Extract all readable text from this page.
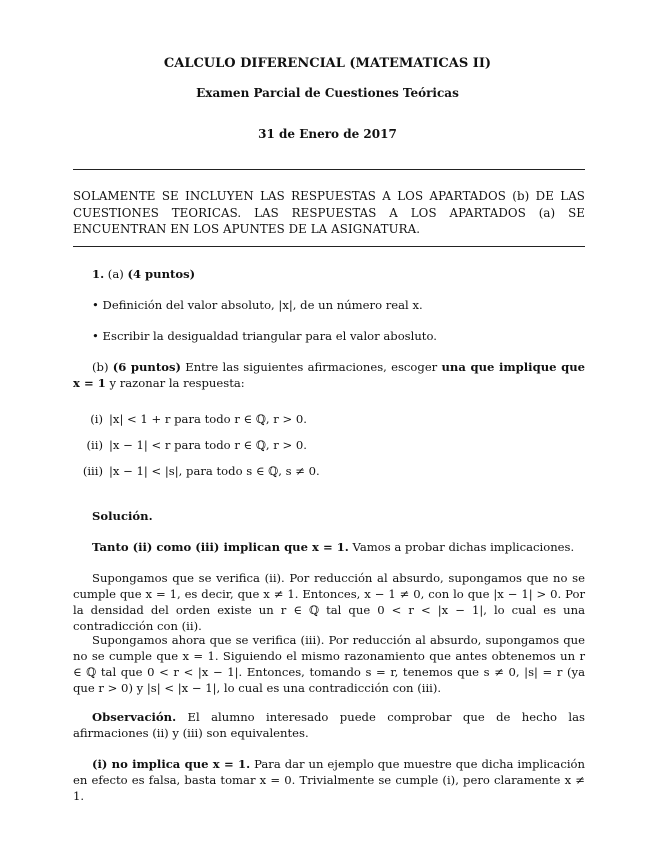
CALCULO DIFERENCIAL (MATEMATICAS II)
Examen Parcial de Cuestiones Teóricas
31 de Enero de 2017
SOLAMENTE SE INCLUYEN LAS RESPUESTAS A LOS APARTADOS (b) DE LAS CUESTIONES TEORICAS. LAS RESPUESTAS A LOS APARTADOS (a) SE ENCUENTRAN EN LOS APUNTES DE LA ASIGNATURA.
1. (a) (4 puntos)
• Definición del valor absoluto, |x|, de un número real x.
• Escribir la desigualdad triangular para el valor abosluto.
(b) (6 puntos) Entre las siguientes afirmaciones, escoger una que implique que x = 1 y razonar la respuesta:
(i) |x| < 1 + r para todo r ∈ ℚ, r > 0.
(ii) |x − 1| < r para todo r ∈ ℚ, r > 0.
(iii) |x − 1| < |s|, para todo s ∈ ℚ, s ≠ 0.
Solución.
Tanto (ii) como (iii) implican que x = 1. Vamos a probar dichas implicaciones.
Supongamos que se verifica (ii). Por reducción al absurdo, supongamos que no se cumple que x = 1, es decir, que x ≠ 1. Entonces, x − 1 ≠ 0, con lo que |x − 1| > 0. Por la densidad del orden existe un r ∈ ℚ tal que 0 < r < |x − 1|, lo cual es una contradicción con (ii).
Supongamos ahora que se verifica (iii). Por reducción al absurdo, supongamos que no se cumple que x = 1. Siguiendo el mismo razonamiento que antes obtenemos un r ∈ ℚ tal que 0 < r < |x − 1|. Entonces, tomando s = r, tenemos que s ≠ 0, |s| = r (ya que r > 0) y |s| < |x − 1|, lo cual es una contradicción con (iii).
Observación. El alumno interesado puede comprobar que de hecho las afirmaciones (ii) y (iii) son equivalentes.
(i) no implica que x = 1. Para dar un ejemplo que muestre que dicha implicación en efecto es falsa, basta tomar x = 0. Trivialmente se cumple (i), pero claramente x ≠ 1.
